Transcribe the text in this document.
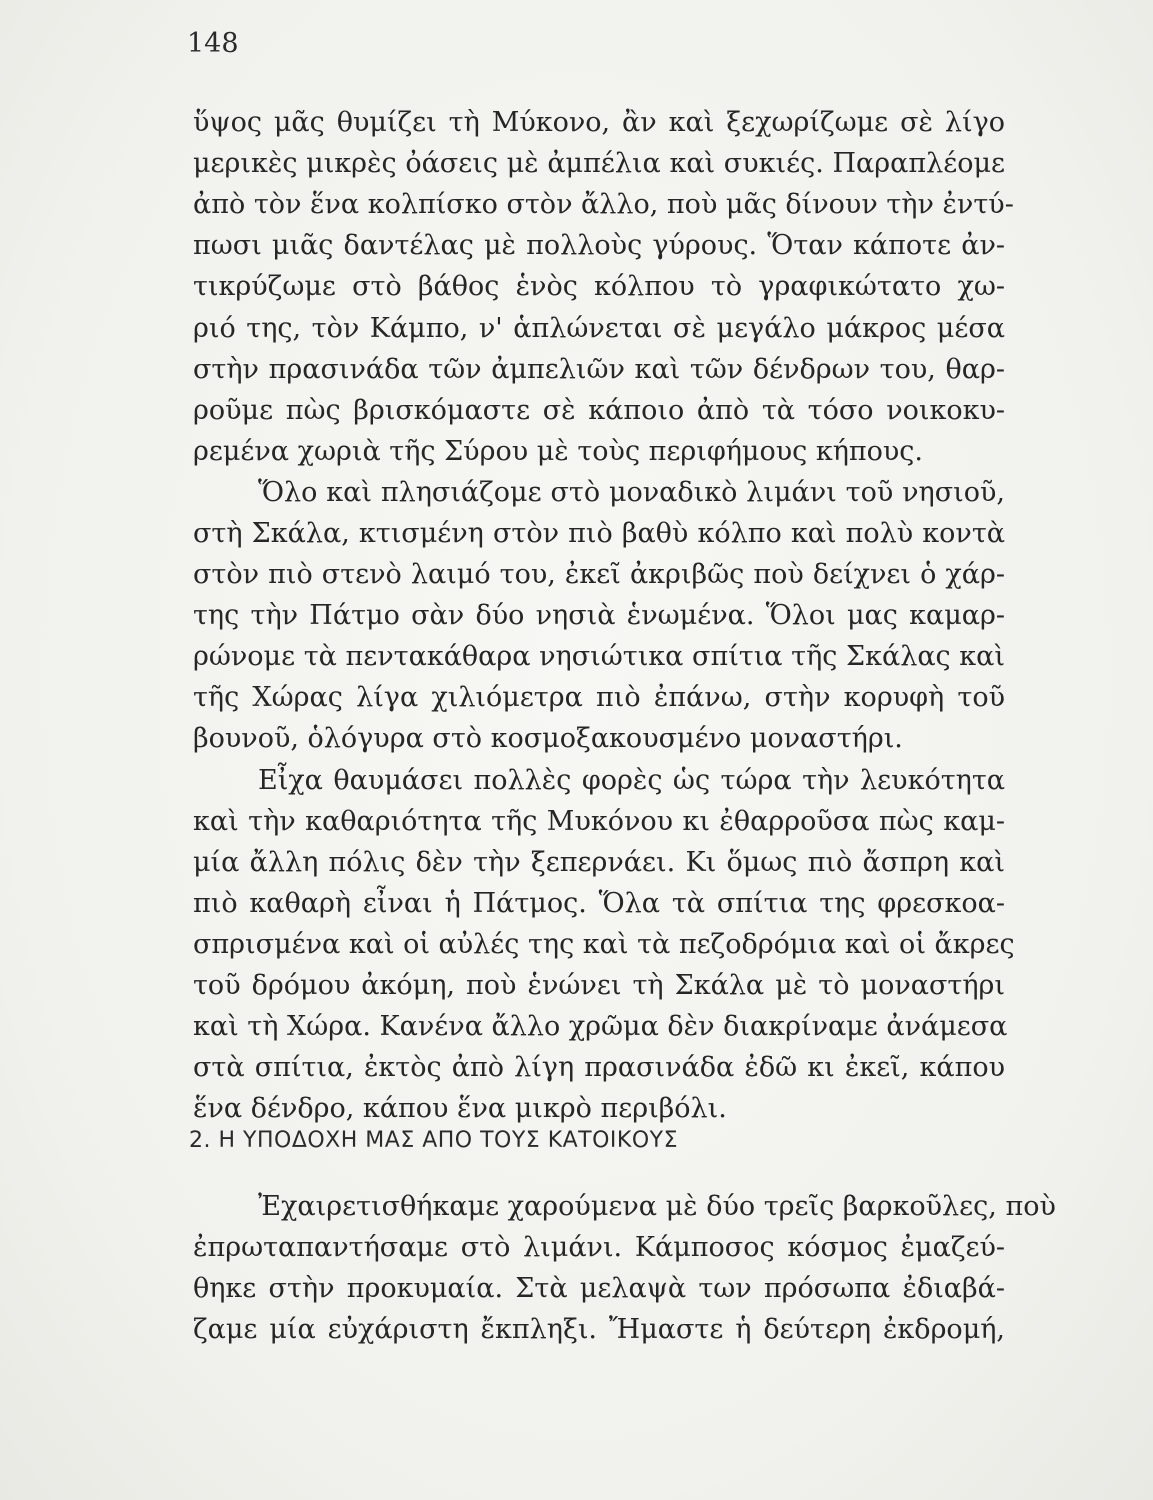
148
ὕψος μᾶς θυμίζει τὴ Μύκονο, ἂν καὶ ξεχωρίζωμε σὲ λίγο
μερικὲς μικρὲς ὀάσεις μὲ ἀμπέλια καὶ συκιές. Παραπλέομε
ἀπὸ τὸν ἕνα κολπίσκο στὸν ἄλλο, ποὺ μᾶς δίνουν τὴν ἐντύ-
πωσι μιᾶς δαντέλας μὲ πολλοὺς γύρους. Ὅταν κάποτε ἀν-
τικρύζωμε στὸ βάθος ἑνὸς κόλπου τὸ γραφικώτατο χω-
ριό της, τὸν Κάμπο, ν' ἁπλώνεται σὲ μεγάλο μάκρος μέσα
στὴν πρασινάδα τῶν ἀμπελιῶν καὶ τῶν δένδρων του, θαρ-
ροῦμε πὼς βρισκόμαστε σὲ κάποιο ἀπὸ τὰ τόσο νοικοκυ-
ρεμένα χωριὰ τῆς Σύρου μὲ τοὺς περιφήμους κήπους.
Ὅλο καὶ πλησιάζομε στὸ μοναδικὸ λιμάνι τοῦ νησιοῦ,
στὴ Σκάλα, κτισμένη στὸν πιὸ βαθὺ κόλπο καὶ πολὺ κοντὰ
στὸν πιὸ στενὸ λαιμό του, ἐκεῖ ἀκριβῶς ποὺ δείχνει ὁ χάρ-
της τὴν Πάτμο σὰν δύο νησιὰ ἑνωμένα. Ὅλοι μας καμαρ-
ρώνομε τὰ πεντακάθαρα νησιώτικα σπίτια τῆς Σκάλας καὶ
τῆς Χώρας λίγα χιλιόμετρα πιὸ ἐπάνω, στὴν κορυφὴ τοῦ
βουνοῦ, ὁλόγυρα στὸ κοσμοξακουσμένο μοναστήρι.
Εἶχα θαυμάσει πολλὲς φορὲς ὡς τώρα τὴν λευκότητα
καὶ τὴν καθαριότητα τῆς Μυκόνου κι ἐθαρροῦσα πὼς καμ-
μία ἄλλη πόλις δὲν τὴν ξεπερνάει. Κι ὅμως πιὸ ἄσπρη καὶ
πιὸ καθαρὴ εἶναι ἡ Πάτμος. Ὅλα τὰ σπίτια της φρεσκοα-
σπρισμένα καὶ οἱ αὐλές της καὶ τὰ πεζοδρόμια καὶ οἱ ἄκρες
τοῦ δρόμου ἀκόμη, ποὺ ἑνώνει τὴ Σκάλα μὲ τὸ μοναστήρι
καὶ τὴ Χώρα. Κανένα ἄλλο χρῶμα δὲν διακρίναμε ἀνάμεσα
στὰ σπίτια, ἐκτὸς ἀπὸ λίγη πρασινάδα ἐδῶ κι ἐκεῖ, κάπου
ἕνα δένδρο, κάπου ἕνα μικρὸ περιβόλι.
2. Η ΥΠΟΔΟΧΗ ΜΑΣ ΑΠΟ ΤΟΥΣ ΚΑΤΟΙΚΟΥΣ
Ἐχαιρετισθήκαμε χαρούμενα μὲ δύο τρεῖς βαρκοῦλες, ποὺ
ἐπρωταπαντήσαμε στὸ λιμάνι. Κάμποσος κόσμος ἐμαζεύ-
θηκε στὴν προκυμαία. Στὰ μελαψὰ των πρόσωπα ἐδιαβά-
ζαμε μία εὐχάριστη ἔκπληξι. Ἤμαστε ἡ δεύτερη ἐκδρομή,
